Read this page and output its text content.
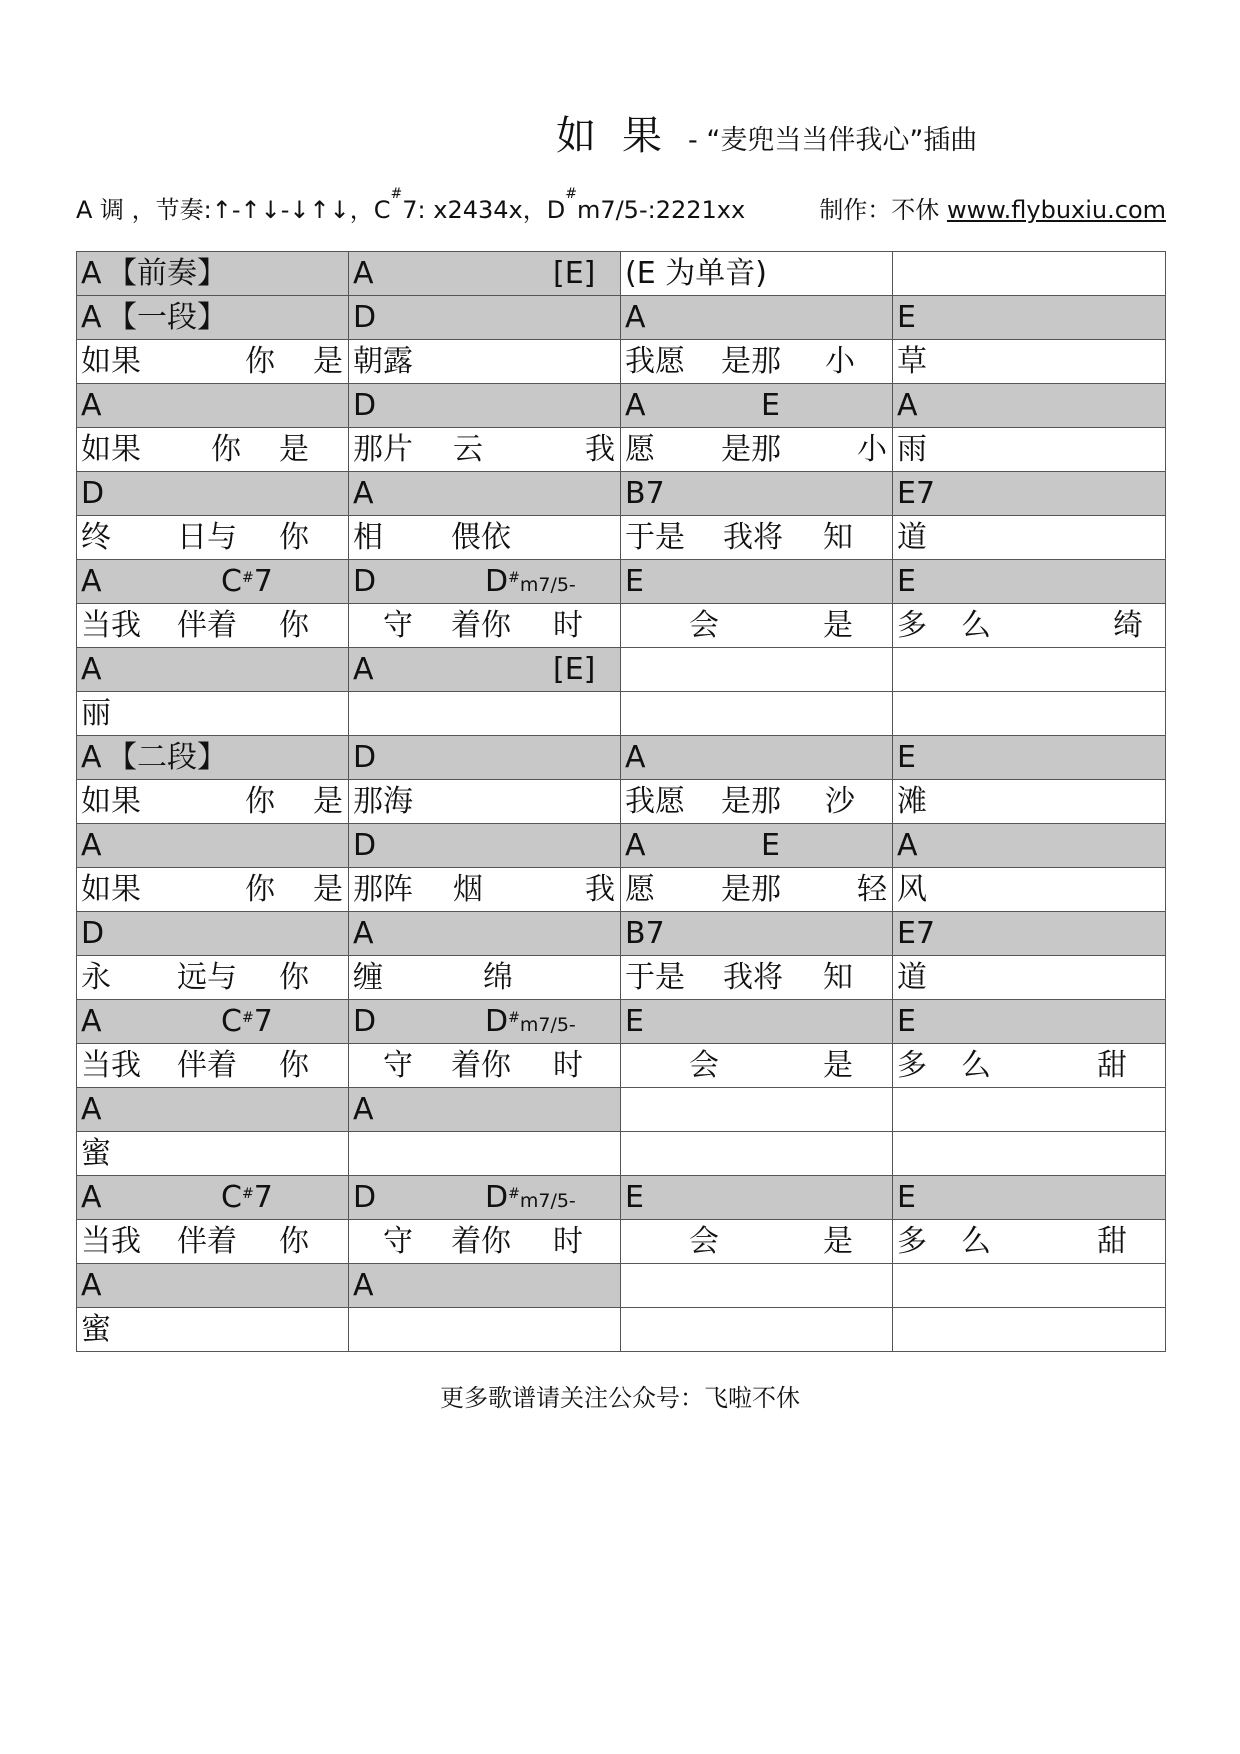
如果- “麦兜当当伴我心”插曲
A 调 ，节奏:↑-↑↓-↓↑↓，C#7: x2434x，D#m7/5-:2221xx	制作：不休 www.flybuxiu.com
A 【前奏】	A [E]	(E 为单音)	

A 【一段】	D	A	E

如果 你 是	朝露	我愿 是那 小	草

A	D	A E	A

如果 你 是	那片 云 我	愿 是那 小	雨

D	A	B7	E7

终 日与 你	相 偎依	于是 我将 知	道

A C#7	D D#m7/5-	E	E

当我 伴着 你	守 着你 时	会 是	多 么 绮

A	A [E]		

丽			

A 【二段】	D	A	E

如果 你 是	那海	我愿 是那 沙	滩

A	D	A E	A

如果 你 是	那阵 烟 我	愿 是那 轻	风

D	A	B7	E7

永 远与 你	缠 绵	于是 我将 知	道

A C#7	D D#m7/5-	E	E

当我 伴着 你	守 着你 时	会 是	多 么 甜

A	A		

蜜			

A C#7	D D#m7/5-	E	E

当我 伴着 你	守 着你 时	会 是	多 么 甜

A	A		

蜜			

更多歌谱请关注公众号：飞啦不休
